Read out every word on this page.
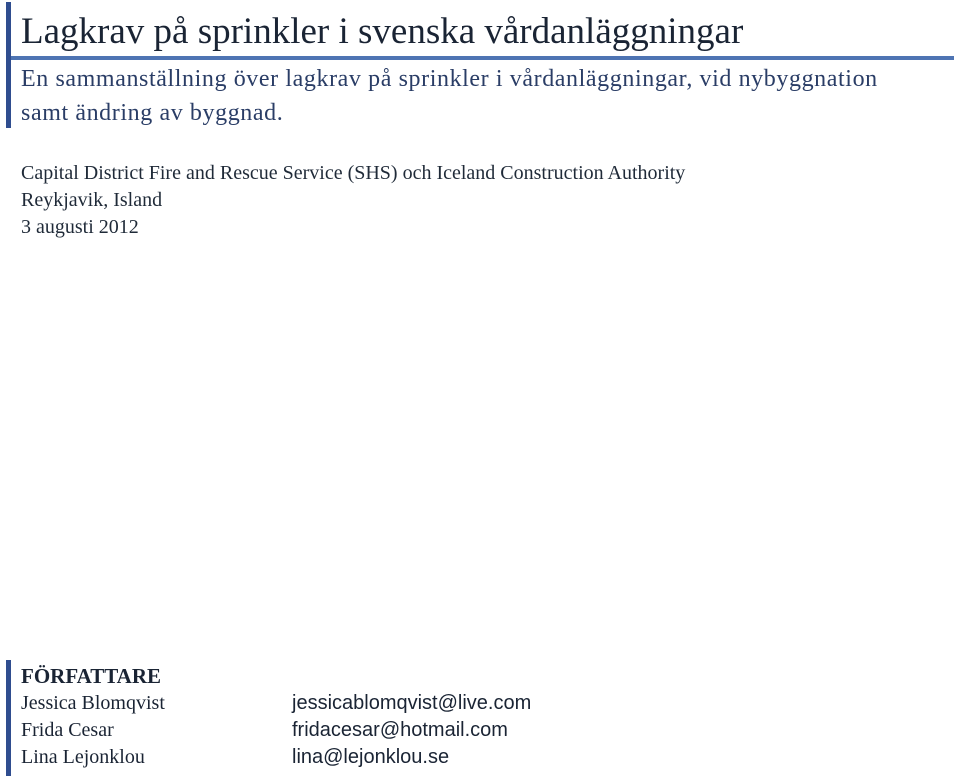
Lagkrav på sprinkler i svenska vårdanläggningar

En sammanställning över lagkrav på sprinkler i vårdanläggningar, vid nybyggnation samt ändring av byggnad.

Capital District Fire and Rescue Service (SHS) och Iceland Construction Authority
Reykjavik, Island
3 augusti 2012
FÖRFATTARE
Jessica Blomqvist	jessicablomqvist@live.com
Frida Cesar	fridacesar@hotmail.com
Lina Lejonklou	lina@lejonklou.se
